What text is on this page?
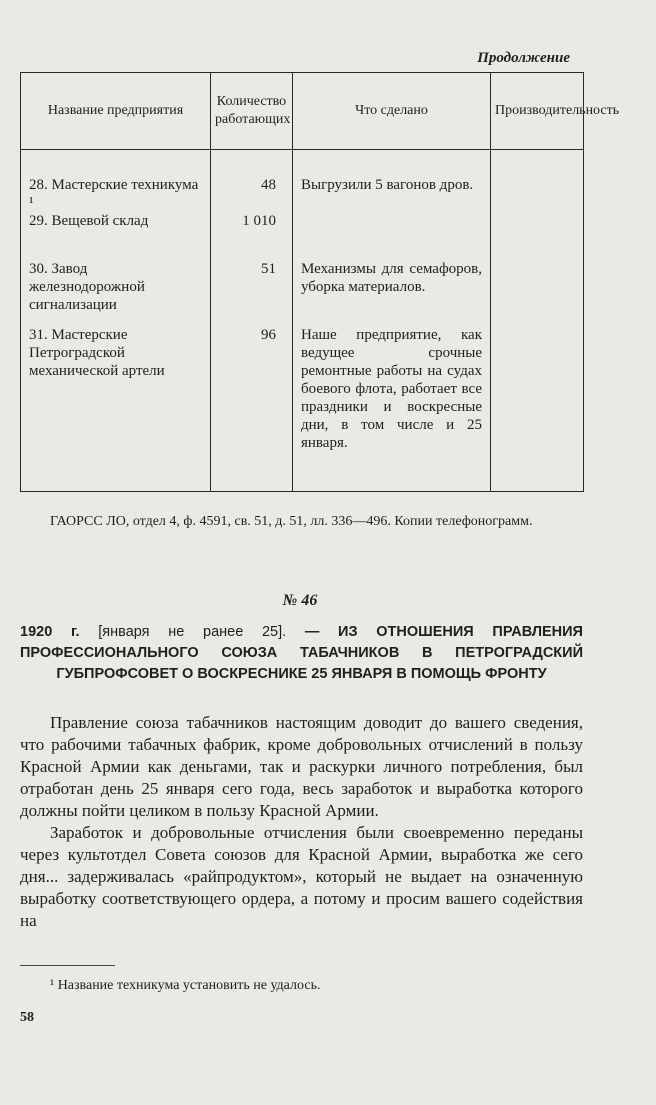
Продолжение
Название предприятия	Количество работающих	Что сделано	Производительность
28. Мастерские техникума ¹	48	Выгрузили 5 вагонов дров.	
29. Вещевой склад	1 010		
30. Завод железнодорожной сигнализации	51	Механизмы для семафоров, уборка материалов.	
31. Мастерские Петроградской механической артели	96	Наше предприятие, как ведущее срочные ремонтные работы на судах боевого флота, работает все праздники и воскресные дни, в том числе и 25 января.	
ГАОРСС ЛО, отдел 4, ф. 4591, св. 51, д. 51, лл. 336—496. Копии телефонограмм.
№ 46
1920 г. [января не ранее 25]. — ИЗ ОТНОШЕНИЯ ПРАВЛЕНИЯ ПРОФЕССИОНАЛЬНОГО СОЮЗА ТАБАЧНИКОВ В ПЕТРОГРАДСКИЙ ГУБПРОФСОВЕТ О ВОСКРЕСНИКЕ 25 ЯНВАРЯ В ПОМОЩЬ ФРОНТУ

Правление союза табачников настоящим доводит до вашего сведения, что рабочими табачных фабрик, кроме добровольных отчислений в пользу Красной Армии как деньгами, так и раскурки личного потребления, был отработан день 25 января сего года, весь заработок и выработка которого должны пойти целиком в пользу Красной Армии.

Заработок и добровольные отчисления были своевременно переданы через культотдел Совета союзов для Красной Армии, выработка же сего дня... задерживалась «райпродуктом», который не выдает на означенную выработку соответствующего ордера, а потому и просим вашего содействия на

¹ Название техникума установить не удалось.
58
